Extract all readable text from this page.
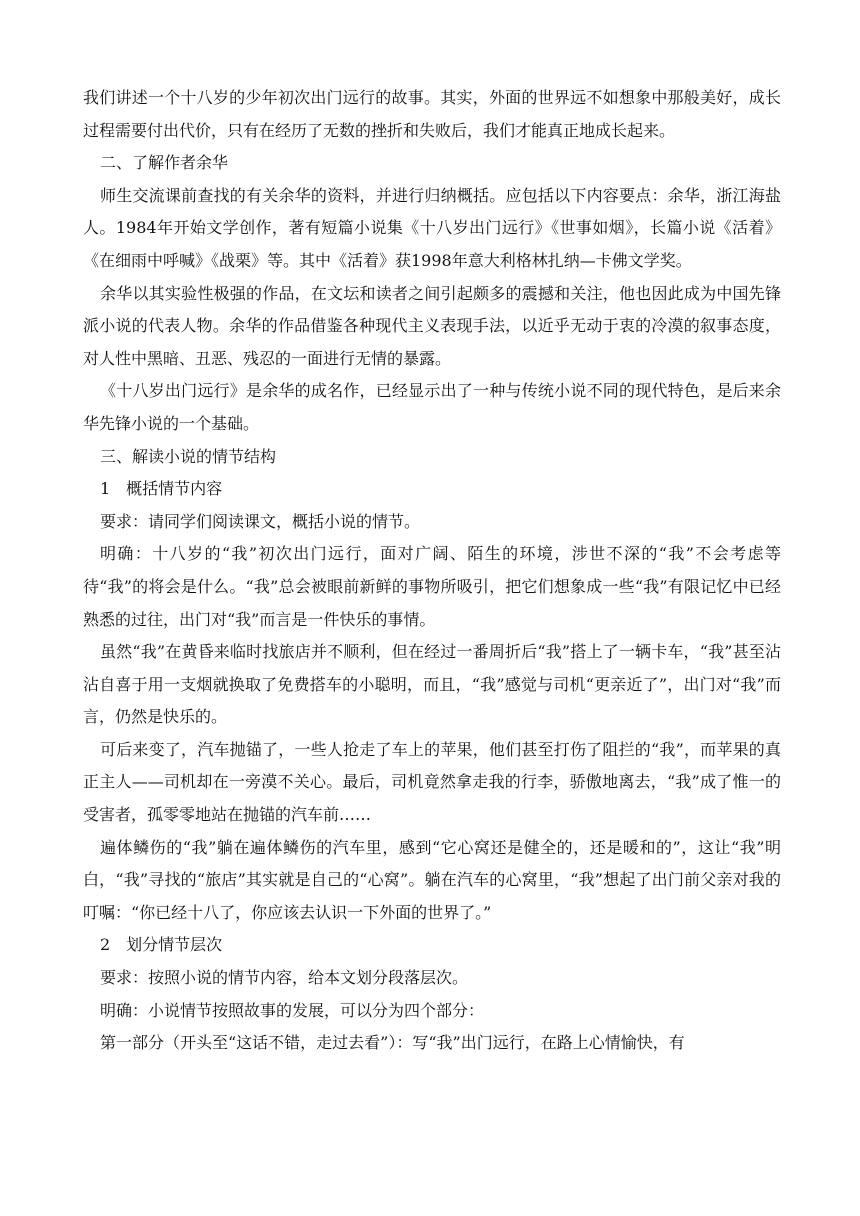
我们讲述一个十八岁的少年初次出门远行的故事。其实，外面的世界远不如想象中那般美好，成长过程需要付出代价，只有在经历了无数的挫折和失败后，我们才能真正地成长起来。

二、了解作者余华

师生交流课前查找的有关余华的资料，并进行归纳概括。应包括以下内容要点：余华，浙江海盐人。1984年开始文学创作，著有短篇小说集《十八岁出门远行》《世事如烟》，长篇小说《活着》《在细雨中呼喊》《战栗》等。其中《活着》获1998年意大利格林扎纳—卡佛文学奖。

余华以其实验性极强的作品，在文坛和读者之间引起颇多的震撼和关注，他也因此成为中国先锋派小说的代表人物。余华的作品借鉴各种现代主义表现手法，以近乎无动于衷的冷漠的叙事态度，对人性中黑暗、丑恶、残忍的一面进行无情的暴露。

《十八岁出门远行》是余华的成名作，已经显示出了一种与传统小说不同的现代特色，是后来余华先锋小说的一个基础。

三、解读小说的情节结构

1　概括情节内容

要求：请同学们阅读课文，概括小说的情节。

明确：十八岁的“我”初次出门远行，面对广阔、陌生的环境，涉世不深的“我”不会考虑等待“我”的将会是什么。“我”总会被眼前新鲜的事物所吸引，把它们想象成一些“我”有限记忆中已经熟悉的过往，出门对“我”而言是一件快乐的事情。

虽然“我”在黄昏来临时找旅店并不顺利，但在经过一番周折后“我”搭上了一辆卡车，“我”甚至沾沾自喜于用一支烟就换取了免费搭车的小聪明，而且，“我”感觉与司机“更亲近了”，出门对“我”而言，仍然是快乐的。

可后来变了，汽车抛锚了，一些人抢走了车上的苹果，他们甚至打伤了阻拦的“我”，而苹果的真正主人——司机却在一旁漠不关心。最后，司机竟然拿走我的行李，骄傲地离去，“我”成了惟一的受害者，孤零零地站在抛锚的汽车前……

遍体鳞伤的“我”躺在遍体鳞伤的汽车里，感到“它心窝还是健全的，还是暖和的”，这让“我”明白，“我”寻找的“旅店”其实就是自己的“心窝”。躺在汽车的心窝里，“我”想起了出门前父亲对我的叮嘱：“你已经十八了，你应该去认识一下外面的世界了。”

2　划分情节层次

要求：按照小说的情节内容，给本文划分段落层次。

明确：小说情节按照故事的发展，可以分为四个部分：

第一部分（开头至“这话不错，走过去看”）：写“我”出门远行，在路上心情愉快，有
